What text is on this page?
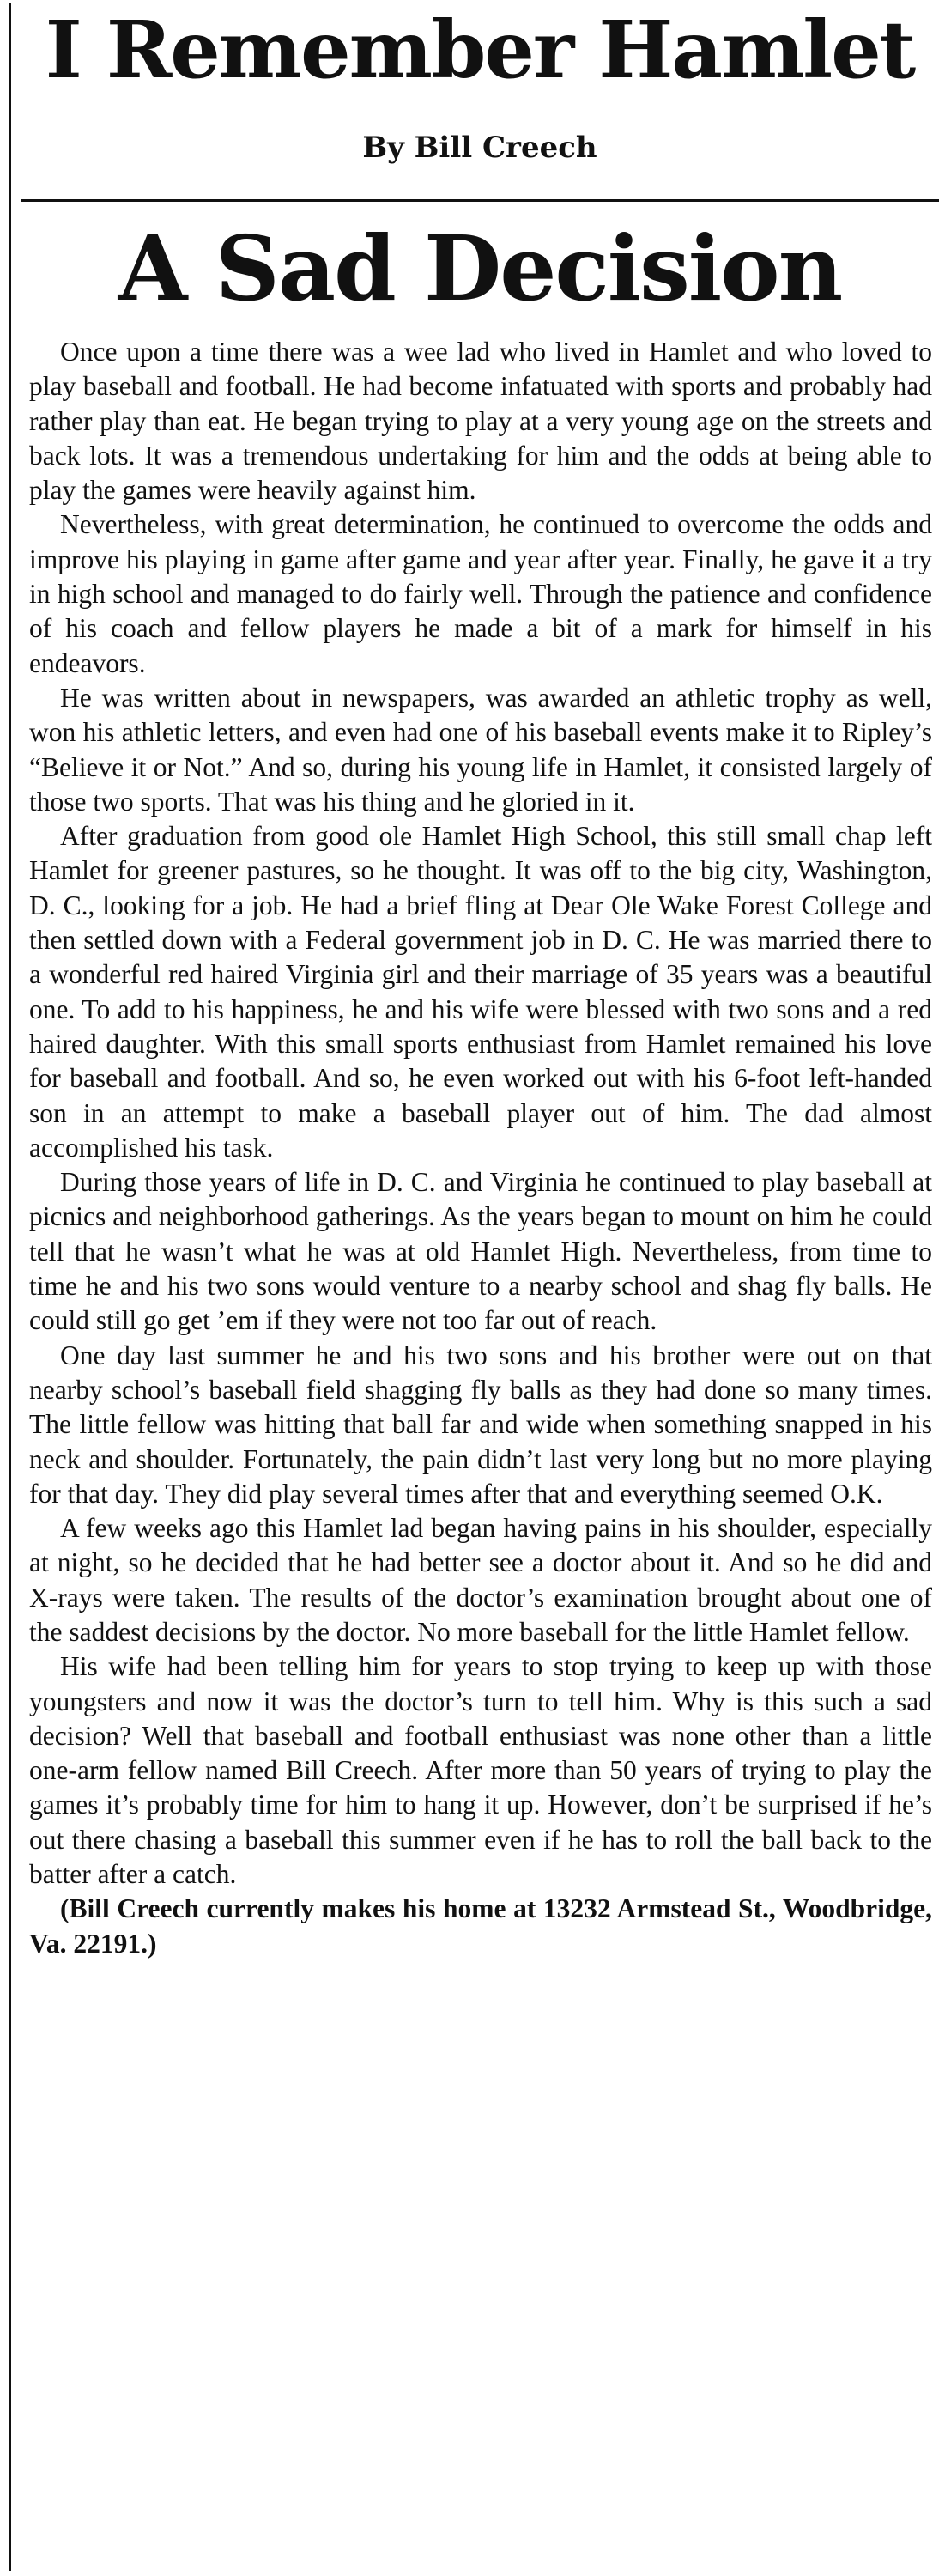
I Remember Hamlet
By Bill Creech
A Sad Decision

Once upon a time there was a wee lad who lived in Hamlet and who loved to play baseball and football. He had become infatuated with sports and probably had rather play than eat. He began trying to play at a very young age on the streets and back lots. It was a tremendous undertaking for him and the odds at being able to play the games were heavily against him.

Nevertheless, with great determination, he continued to overcome the odds and improve his playing in game after game and year after year. Finally, he gave it a try in high school and managed to do fairly well. Through the patience and confidence of his coach and fellow players he made a bit of a mark for himself in his endeavors.

He was written about in newspapers, was awarded an athletic trophy as well, won his athletic letters, and even had one of his baseball events make it to Ripley’s “Believe it or Not.” And so, during his young life in Hamlet, it consisted largely of those two sports. That was his thing and he gloried in it.

After graduation from good ole Hamlet High School, this still small chap left Hamlet for greener pastures, so he thought. It was off to the big city, Washington, D. C., looking for a job. He had a brief fling at Dear Ole Wake Forest College and then settled down with a Federal government job in D. C. He was married there to a wonderful red haired Virginia girl and their marriage of 35 years was a beautiful one. To add to his happiness, he and his wife were blessed with two sons and a red haired daughter. With this small sports enthusiast from Hamlet remained his love for baseball and football. And so, he even worked out with his 6-foot left-handed son in an attempt to make a baseball player out of him. The dad almost accomplished his task.

During those years of life in D. C. and Virginia he continued to play baseball at picnics and neighborhood gatherings. As the years began to mount on him he could tell that he wasn’t what he was at old Hamlet High. Nevertheless, from time to time he and his two sons would venture to a nearby school and shag fly balls. He could still go get ’em if they were not too far out of reach.

One day last summer he and his two sons and his brother were out on that nearby school’s baseball field shagging fly balls as they had done so many times. The little fellow was hitting that ball far and wide when something snapped in his neck and shoulder. Fortunately, the pain didn’t last very long but no more playing for that day. They did play several times after that and everything seemed O.K.

A few weeks ago this Hamlet lad began having pains in his shoulder, especially at night, so he decided that he had better see a doctor about it. And so he did and X-rays were taken. The results of the doctor’s examination brought about one of the saddest decisions by the doctor. No more baseball for the little Hamlet fellow.

His wife had been telling him for years to stop trying to keep up with those youngsters and now it was the doctor’s turn to tell him. Why is this such a sad decision? Well that baseball and football enthusiast was none other than a little one-arm fellow named Bill Creech. After more than 50 years of trying to play the games it’s probably time for him to hang it up. However, don’t be surprised if he’s out there chasing a baseball this summer even if he has to roll the ball back to the batter after a catch.

(Bill Creech currently makes his home at 13232 Armstead St., Woodbridge, Va. 22191.)
